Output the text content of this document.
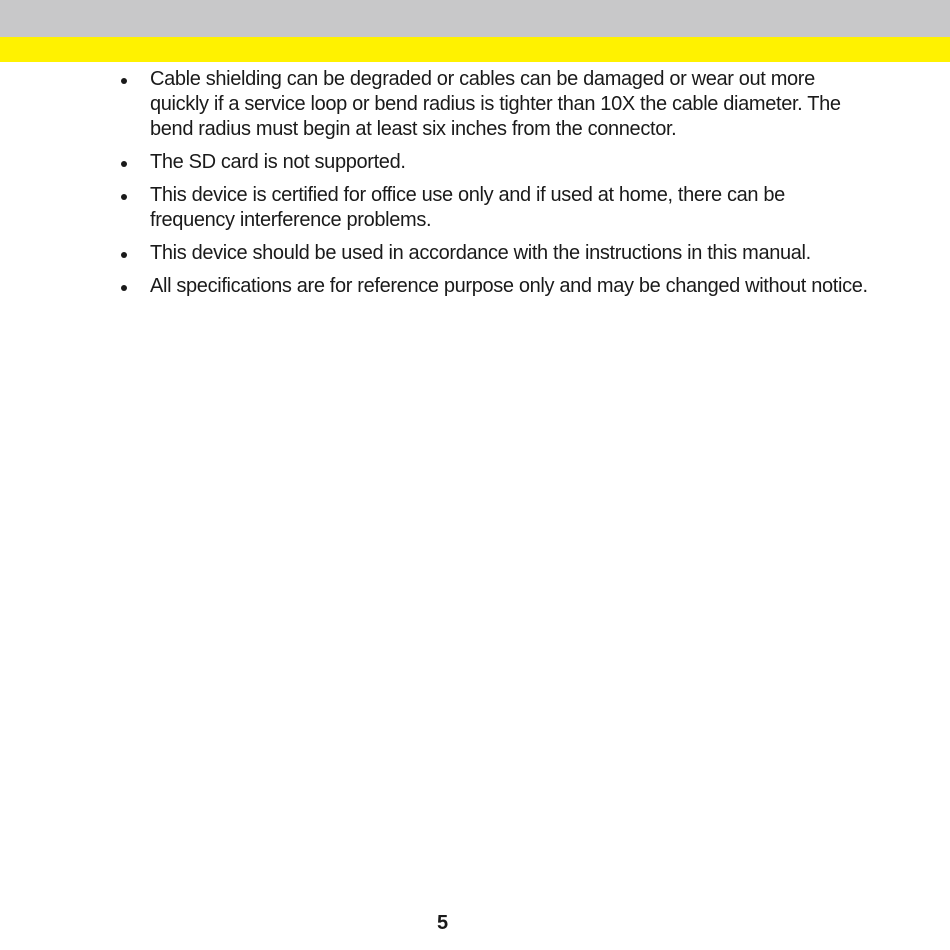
Cable shielding can be degraded or cables can be damaged or wear out more quickly if a service loop or bend radius is tighter than 10X the cable diameter. The bend radius must begin at least six inches from the connector.
The SD card is not supported.
This device is certified for office use only and if used at home, there can be frequency interference problems.
This device should be used in accordance with the instructions in this manual.
All specifications are for reference purpose only and may be changed without notice.
5
